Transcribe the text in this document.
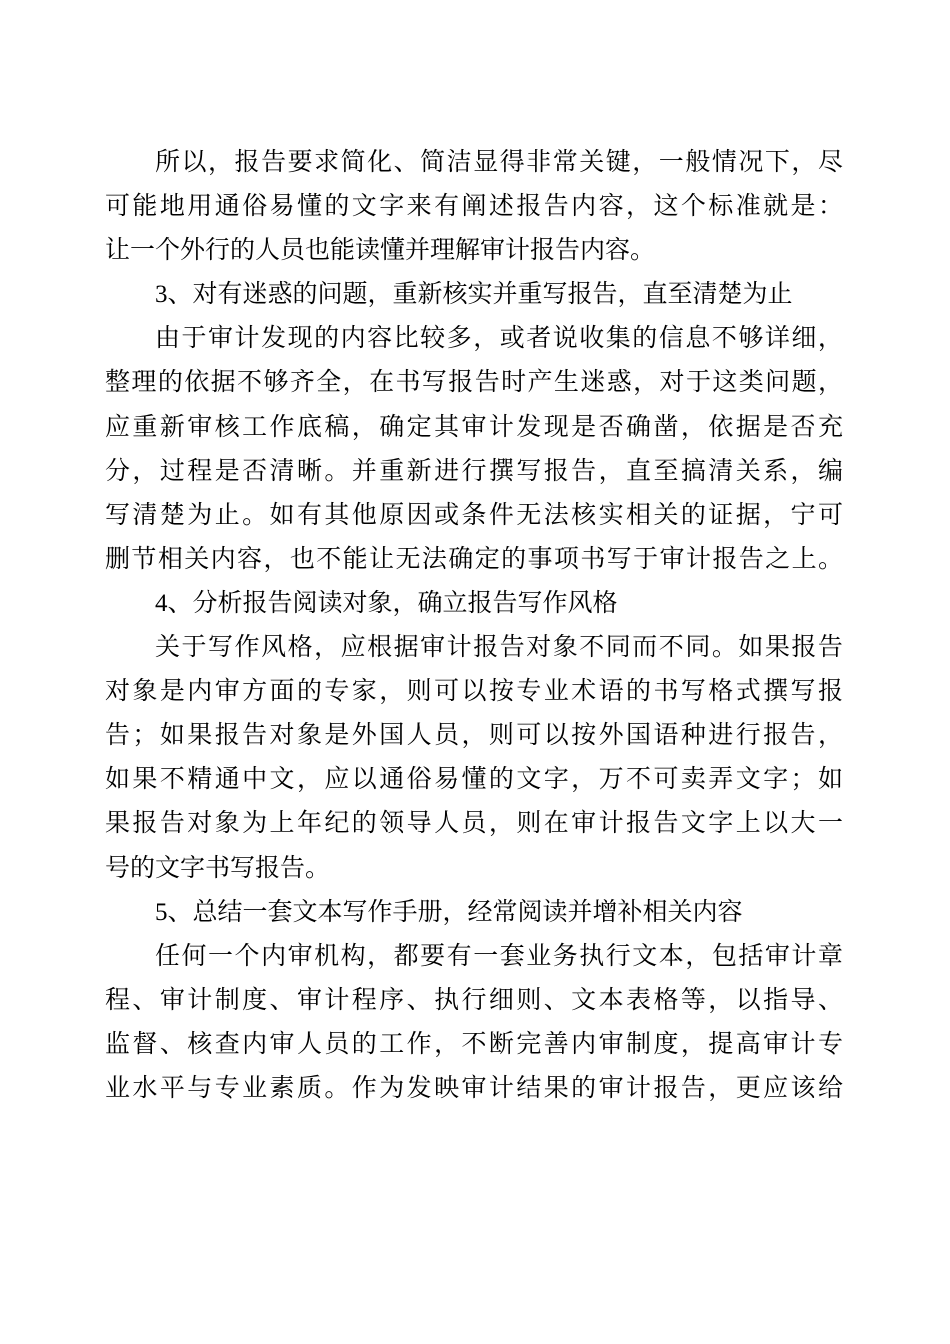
所 以 ， 报 告 要 求 简 化 、 简 洁 显 得 非 常 关 键 ， 一 般 情 况 下 ， 尽
可 能 地 用 通 俗 易 懂 的 文 字 来 有 阐 述 报 告 内 容 ， 这 个 标 准 就 是 ：
让一个外行的人员也能读懂并理解审计报告内容。
3、对有迷惑的问题，重新核实并重写报告，直至清楚为止
由 于 审 计 发 现 的 内 容 比 较 多 ， 或 者 说 收 集 的 信 息 不 够 详 细 ，
整 理 的 依 据 不 够 齐 全 ， 在 书 写 报 告 时 产 生 迷 惑 ， 对 于 这 类 问 题 ，
应 重 新 审 核 工 作 底 稿 ， 确 定 其 审 计 发 现 是 否 确 凿 ， 依 据 是 否 充
分 ， 过 程 是 否 清 晰 。 并 重 新 进 行 撰 写 报 告 ， 直 至 搞 清 关 系 ， 编
写 清 楚 为 止 。 如 有 其 他 原 因 或 条 件 无 法 核 实 相 关 的 证 据 ， 宁 可
删 节 相 关 内 容 ， 也 不 能 让 无 法 确 定 的 事 项 书 写 于 审 计 报 告 之 上 。
4、分析报告阅读对象，确立报告写作风格
关 于 写 作 风 格 ， 应 根 据 审 计 报 告 对 象 不 同 而 不 同 。 如 果 报 告
对 象 是 内 审 方 面 的 专 家 ， 则 可 以 按 专 业 术 语 的 书 写 格 式 撰 写 报
告 ； 如 果 报 告 对 象 是 外 国 人 员 ， 则 可 以 按 外 国 语 种 进 行 报 告 ，
如 果 不 精 通 中 文 ， 应 以 通 俗 易 懂 的 文 字 ， 万 不 可 卖 弄 文 字 ； 如
果 报 告 对 象 为 上 年 纪 的 领 导 人 员 ， 则 在 审 计 报 告 文 字 上 以 大 一
号的文字书写报告。
5、总结一套文本写作手册，经常阅读并增补相关内容
任 何 一 个 内 审 机 构 ， 都 要 有 一 套 业 务 执 行 文 本 ， 包 括 审 计 章
程 、 审 计 制 度 、 审 计 程 序 、 执 行 细 则 、 文 本 表 格 等 ， 以 指 导 、
监 督 、 核 查 内 审 人 员 的 工 作 ， 不 断 完 善 内 审 制 度 ， 提 高 审 计 专
业 水 平 与 专 业 素 质 。 作 为 发 映 审 计 结 果 的 审 计 报 告 ， 更 应 该 给
